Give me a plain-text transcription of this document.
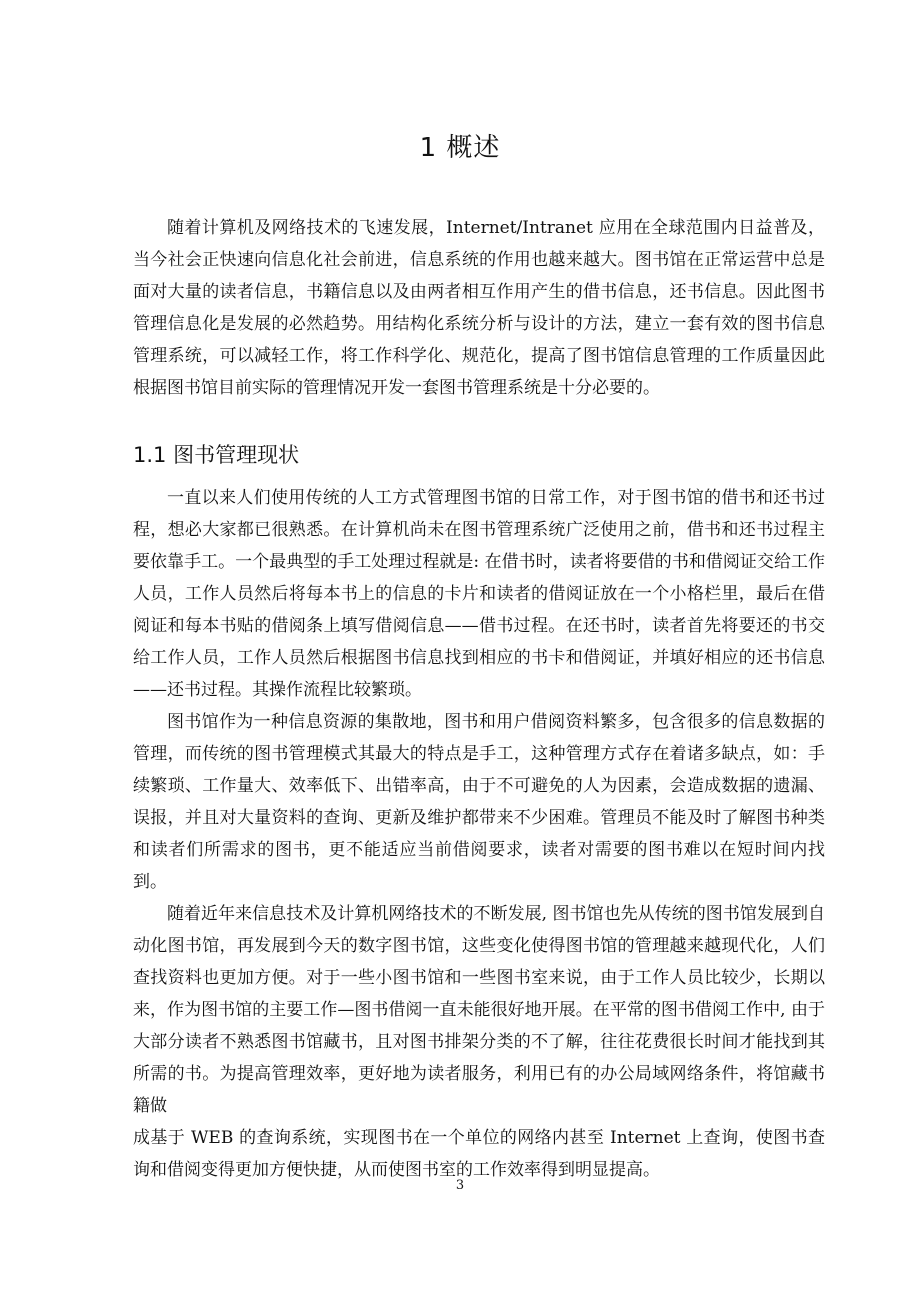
1 概述

随着计算机及网络技术的飞速发展，Internet/Intranet 应用在全球范围内日益普及，当今社会正快速向信息化社会前进，信息系统的作用也越来越大。图书馆在正常运营中总是面对大量的读者信息，书籍信息以及由两者相互作用产生的借书信息，还书信息。因此图书管理信息化是发展的必然趋势。用结构化系统分析与设计的方法，建立一套有效的图书信息管理系统，可以减轻工作，将工作科学化、规范化，提高了图书馆信息管理的工作质量因此根据图书馆目前实际的管理情况开发一套图书管理系统是十分必要的。

1.1 图书管理现状

一直以来人们使用传统的人工方式管理图书馆的日常工作，对于图书馆的借书和还书过程，想必大家都已很熟悉。在计算机尚未在图书管理系统广泛使用之前，借书和还书过程主要依靠手工。一个最典型的手工处理过程就是: 在借书时，读者将要借的书和借阅证交给工作人员，工作人员然后将每本书上的信息的卡片和读者的借阅证放在一个小格栏里，最后在借阅证和每本书贴的借阅条上填写借阅信息——借书过程。在还书时，读者首先将要还的书交给工作人员，工作人员然后根据图书信息找到相应的书卡和借阅证，并填好相应的还书信息——还书过程。其操作流程比较繁琐。

图书馆作为一种信息资源的集散地，图书和用户借阅资料繁多，包含很多的信息数据的管理，而传统的图书管理模式其最大的特点是手工，这种管理方式存在着诸多缺点，如：手续繁琐、工作量大、效率低下、出错率高，由于不可避免的人为因素，会造成数据的遗漏、误报，并且对大量资料的查询、更新及维护都带来不少困难。管理员不能及时了解图书种类和读者们所需求的图书，更不能适应当前借阅要求，读者对需要的图书难以在短时间内找到。

随着近年来信息技术及计算机网络技术的不断发展, 图书馆也先从传统的图书馆发展到自动化图书馆，再发展到今天的数字图书馆，这些变化使得图书馆的管理越来越现代化，人们查找资料也更加方便。对于一些小图书馆和一些图书室来说，由于工作人员比较少，长期以来，作为图书馆的主要工作—图书借阅一直未能很好地开展。在平常的图书借阅工作中, 由于大部分读者不熟悉图书馆藏书，且对图书排架分类的不了解，往往花费很长时间才能找到其所需的书。为提高管理效率，更好地为读者服务，利用已有的办公局域网络条件，将馆藏书籍做

成基于 WEB 的查询系统，实现图书在一个单位的网络内甚至 Internet 上查询，使图书查询和借阅变得更加方便快捷，从而使图书室的工作效率得到明显提高。

3
